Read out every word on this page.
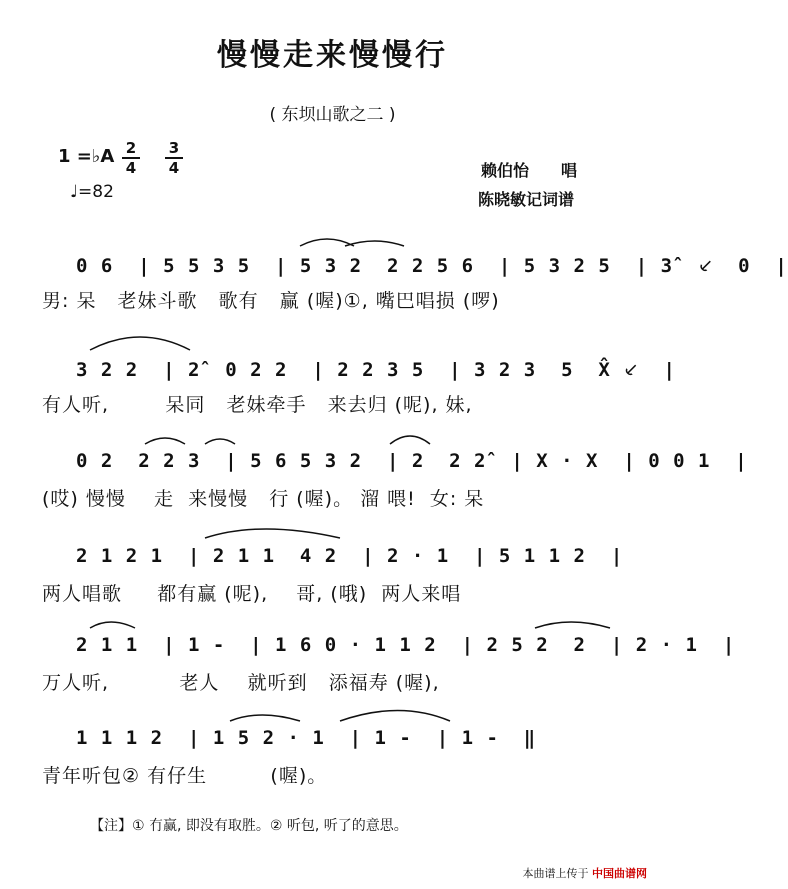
慢慢走来慢慢行
( 东坝山歌之二 )
1 =♭A 2
4
3
4
♩=82
赖伯怡　　唱
陈晓敏记词谱
0 6  | 5 5 3 5  | 5 3 2  2 2 5 6  | 5 3 2 5  | 3̂  ⸔  0  |
男: 呆   老妹斗歌   歌有   赢 (喔)①, 嘴巴唱损 (啰)
3 2 2  | 2̂  0 2 2  | 2 2 3 5  | 3 2 3  5  X̂ ⸔  |
有人听,        呆同   老妹牵手   来去归 (呢), 妹,
0 2  2 2 3  | 5 6 5 3 2  | 2  2 2̂  | X · X  | 0 0 1  |
(哎) 慢慢    走  来慢慢   行 (喔)。 溜 喂!  女: 呆
2 1 2 1  | 2 1 1  4 2  | 2 · 1  | 5 1 1 2  |
两人唱歌     都有赢 (呢),    哥, (哦)  两人来唱
2 1 1  | 1 -  | 1 6 0 · 1 1 2  | 2 5 2  2  | 2 · 1  |
万人听,          老人    就听到   添福寿 (喔),
1 1 1 2  | 1 5 2 · 1  | 1 -  | 1 -  ‖
青年听包② 有仔生         (喔)。
【注】① 冇赢, 即没有取胜。② 听包, 听了的意思。
本曲谱上传于 中国曲谱网
